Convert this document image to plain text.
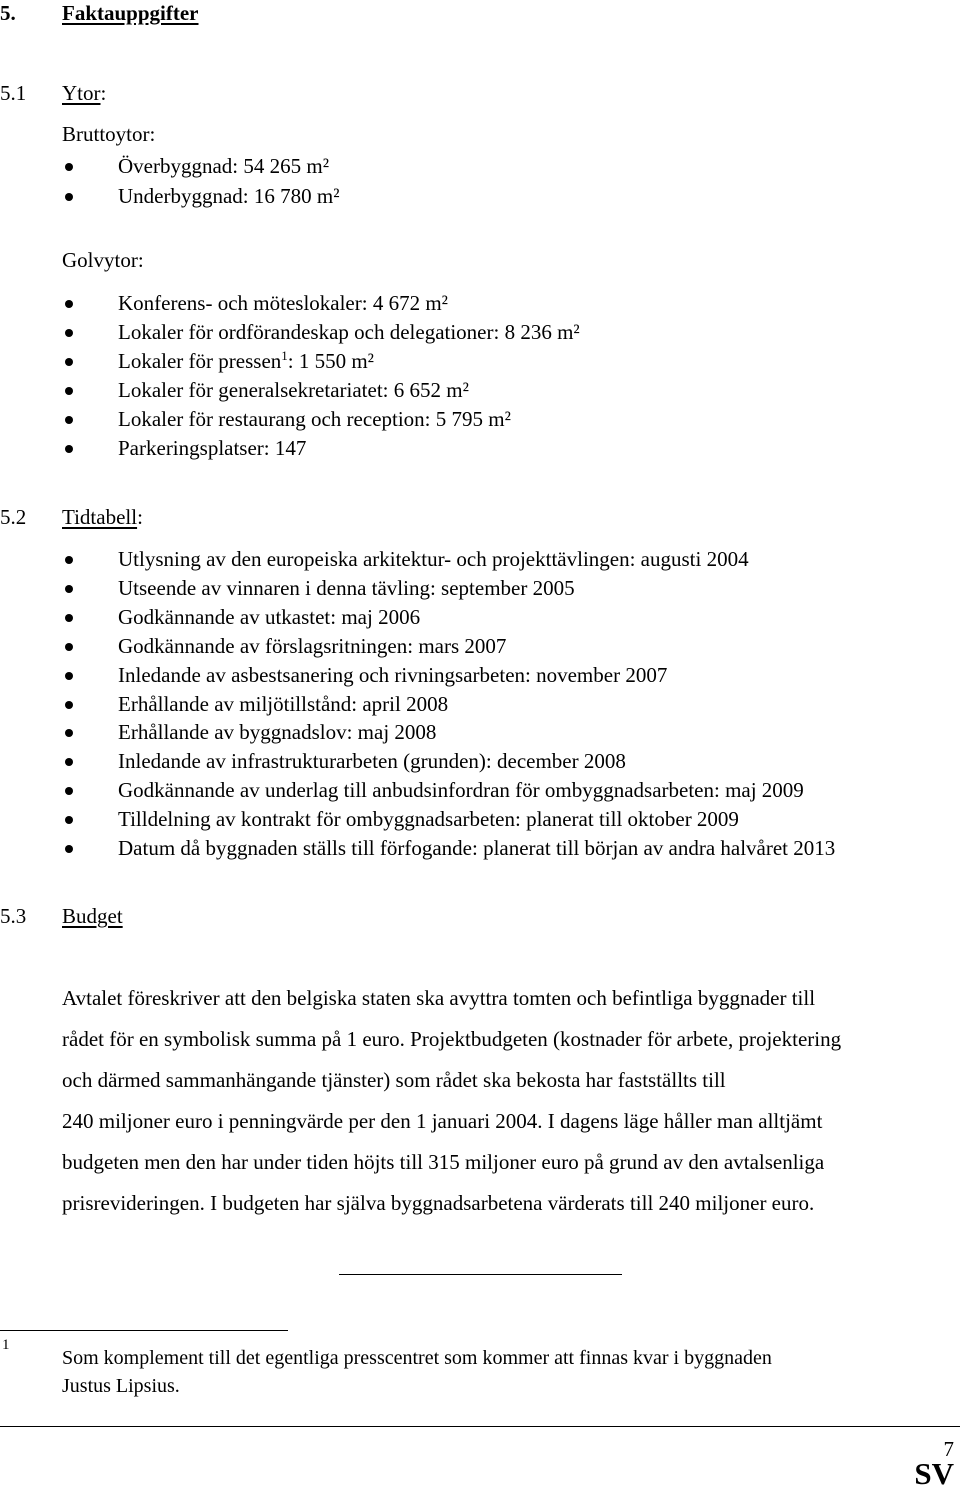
5. Faktauppgifter
5.1 Ytor:
Bruttoytor:
Överbyggnad: 54 265 m²
Underbyggnad: 16 780 m²
Golvytor:
Konferens- och möteslokaler: 4 672 m²
Lokaler för ordförandeskap och delegationer: 8 236 m²
Lokaler för pressen$^1$: 1 550 m²
Lokaler för generalsekretariatet: 6 652 m²
Lokaler för restaurang och reception: 5 795 m²
Parkeringsplatser: 147
5.2 Tidtabell:
Utlysning av den europeiska arkitektur- och projekttävlingen: augusti 2004
Utseende av vinnaren i denna tävling: september 2005
Godkännande av utkastet: maj 2006
Godkännande av förslagsritningen: mars 2007
Inledande av asbestsanering och rivningsarbeten: november 2007
Erhållande av miljötillstånd: april 2008
Erhållande av byggnadslov: maj 2008
Inledande av infrastrukturarbeten (grunden): december 2008
Godkännande av underlag till anbudsinfordran för ombyggnadsarbeten: maj 2009
Tilldelning av kontrakt för ombyggnadsarbeten: planerat till oktober 2009
Datum då byggnaden ställs till förfogande: planerat till början av andra halvåret 2013
5.3 Budget
Avtalet föreskriver att den belgiska staten ska avyttra tomten och befintliga byggnader till
rådet för en symbolisk summa på 1 euro. Projektbudgeten (kostnader för arbete, projektering
och därmed sammanhängande tjänster) som rådet ska bekosta har fastställts till
240 miljoner euro i penningvärde per den 1 januari 2004. I dagens läge håller man alltjämt
budgeten men den har under tiden höjts till 315 miljoner euro på grund av den avtalsenliga
prisrevideringen. I budgeten har själva byggnadsarbetena värderats till 240 miljoner euro.
1
Som komplement till det egentliga presscentret som kommer att finnas kvar i byggnaden
Justus Lipsius.
7
SV
